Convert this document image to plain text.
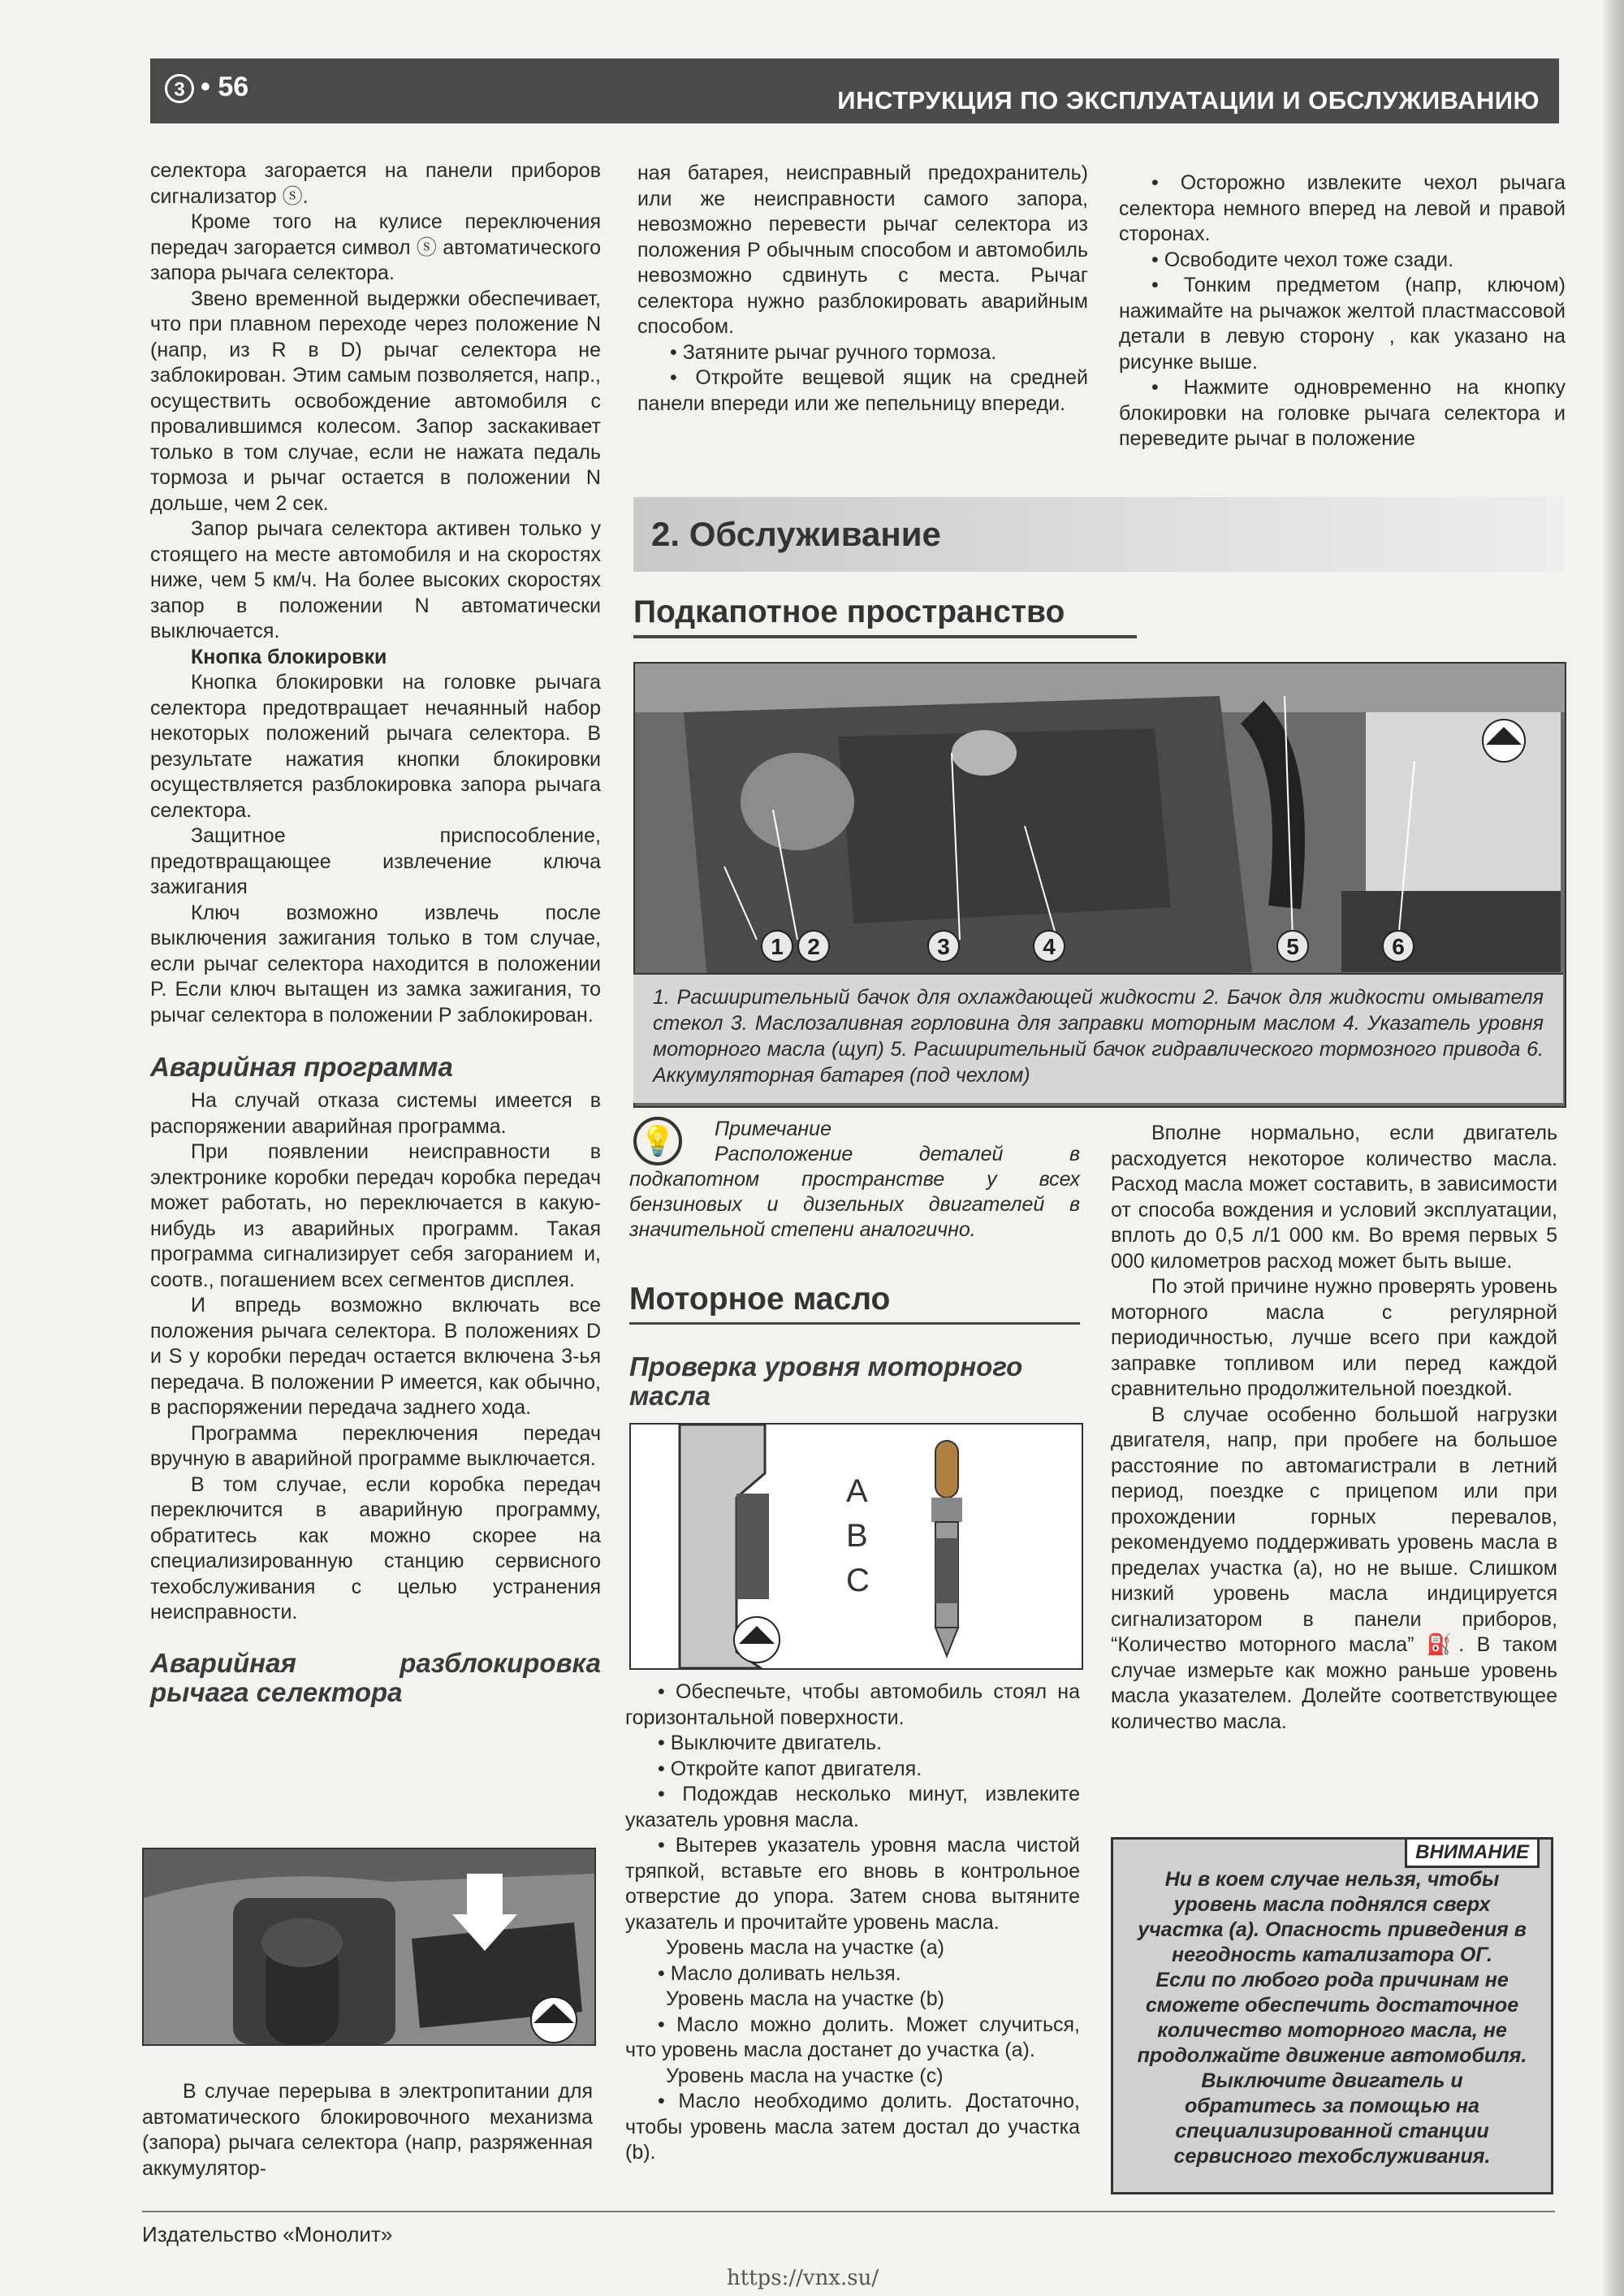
3 • 56	ИНСТРУКЦИЯ ПО ЭКСПЛУАТАЦИИ И ОБСЛУЖИВАНИЮ

селектора загорается на панели приборов сигнализатор ⓢ.

Кроме того на кулисе переключения передач загорается символ ⓢ автоматического запора рычага селектора.

Звено временной выдержки обеспечивает, что при плавном переходе через положение N (напр, из R в D) рычаг селектора не заблокирован. Этим самым позволяется, напр., осуществить освобождение автомобиля с провалившимся колесом. Запор заскакивает только в том случае, если не нажата педаль тормоза и рычаг остается в положении N дольше, чем 2 сек.

Запор рычага селектора активен только у стоящего на месте автомобиля и на скоростях ниже, чем 5 км/ч. На более высоких скоростях запор в положении N автоматически выключается.

Кнопка блокировки

Кнопка блокировки на головке рычага селектора предотвращает нечаянный набор некоторых положений рычага селектора. В результате нажатия кнопки блокировки осуществляется разблокировка запора рычага селектора.

Защитное приспособление, предотвращающее извлечение ключа зажигания

Ключ возможно извлечь после выключения зажигания только в том случае, если рычаг селектора находится в положении P. Если ключ вытащен из замка зажигания, то рычаг селектора в положении P заблокирован.

Аварийная программа

На случай отказа системы имеется в распоряжении аварийная программа.

При появлении неисправности в электронике коробки передач коробка передач может работать, но переключается в какую-нибудь из аварийных программ. Такая программа сигнализирует себя загоранием и, соотв., погашением всех сегментов дисплея.

И впредь возможно включать все положения рычага селектора. В положениях D и S у коробки передач остается включена 3-ья передача. В положении P имеется, как обычно, в распоряжении передача заднего хода.

Программа переключения передач вручную в аварийной программе выключается.

В том случае, если коробка передач переключится в аварийную программу, обратитесь как можно скорее на специализированную станцию сервисного техобслуживания с целью устранения неисправности.

Аварийная разблокировка рычага селектора

В случае перерыва в электропитании для автоматического блокировочного механизма (запора) рычага селектора (напр, разряженная аккумулятор-

ная батарея, неисправный предохранитель) или же неисправности самого запора, невозможно перевести рычаг селектора из положения P обычным способом и автомобиль невозможно сдвинуть с места. Рычаг селектора нужно разблокировать аварийным способом.

• Затяните рычаг ручного тормоза.

• Откройте вещевой ящик на средней панели впереди или же пепельницу впереди.

• Осторожно извлеките чехол рычага селектора немного вперед на левой и правой сторонах.

• Освободите чехол тоже сзади.

• Тонким предметом (напр, ключом) нажимайте на рычажок желтой пластмассовой детали в левую сторону , как указано на рисунке выше.

• Нажмите одновременно на кнопку блокировки на головке рычага селектора и переведите рычаг в положение

2. Обслуживание
Подкапотное пространство
1	2	3	4	5	6
1. Расширительный бачок для охлаждающей жидкости 2. Бачок для жидкости омывателя стекол 3. Маслозаливная горловина для заправки моторным маслом 4. Указатель уровня моторного масла (щуп) 5. Расширительный бачок гидравлического тормозного привода 6. Аккумуляторная батарея (под чехлом)
💡	Примечание

Расположение деталей в подкапотном пространстве у всех бензиновых и дизельных двигателей в значительной степени аналогично.

Моторное масло
Проверка уровня моторного масла
A
B
C

• Обеспечьте, чтобы автомобиль стоял на горизонтальной поверхности.

• Выключите двигатель.

• Откройте капот двигателя.

• Подождав несколько минут, извлеките указатель уровня масла.

• Вытерев указатель уровня масла чистой тряпкой, вставьте его вновь в контрольное отверстие до упора. Затем снова вытяните указатель и прочитайте уровень масла.

Уровень масла на участке (a)

• Масло доливать нельзя.

Уровень масла на участке (b)

• Масло можно долить. Может случиться, что уровень масла достанет до участка (a).

Уровень масла на участке (c)

• Масло необходимо долить. Достаточно, чтобы уровень масла затем достал до участка (b).

Вполне нормально, если двигатель расходуется некоторое количество масла. Расход масла может составить, в зависимости от способа вождения и условий эксплуатации, вплоть до 0,5 л/1 000 км. Во время первых 5 000 километров расход может быть выше.

По этой причине нужно проверять уровень моторного масла с регулярной периодичностью, лучше всего при каждой заправке топливом или перед каждой сравнительно продолжительной поездкой.

В случае особенно большой нагрузки двигателя, напр, при пробеге на большое расстояние по автомагистрали в летний период, поездке с прицепом или при прохождении горных перевалов, рекомендуемо поддерживать уровень масла в пределах участка (a), но не выше. Слишком низкий уровень масла индицируется сигнализатором в панели приборов, “Количество моторного масла” ⛽. В таком случае измерьте как можно раньше уровень масла указателем. Долейте соответствующее количество масла.

ВНИМАНИЕ

Ни в коем случае нельзя, чтобы уровень масла поднялся сверх участка (a). Опасность приведения в негодность катализатора ОГ.

Если по любого рода причинам не сможете обеспечить достаточное количество моторного масла, не продолжайте движение автомобиля. Выключите двигатель и обратитесь за помощью на специализированной станции сервисного техобслуживания.

Издательство «Монолит»
https://vnx.su/
